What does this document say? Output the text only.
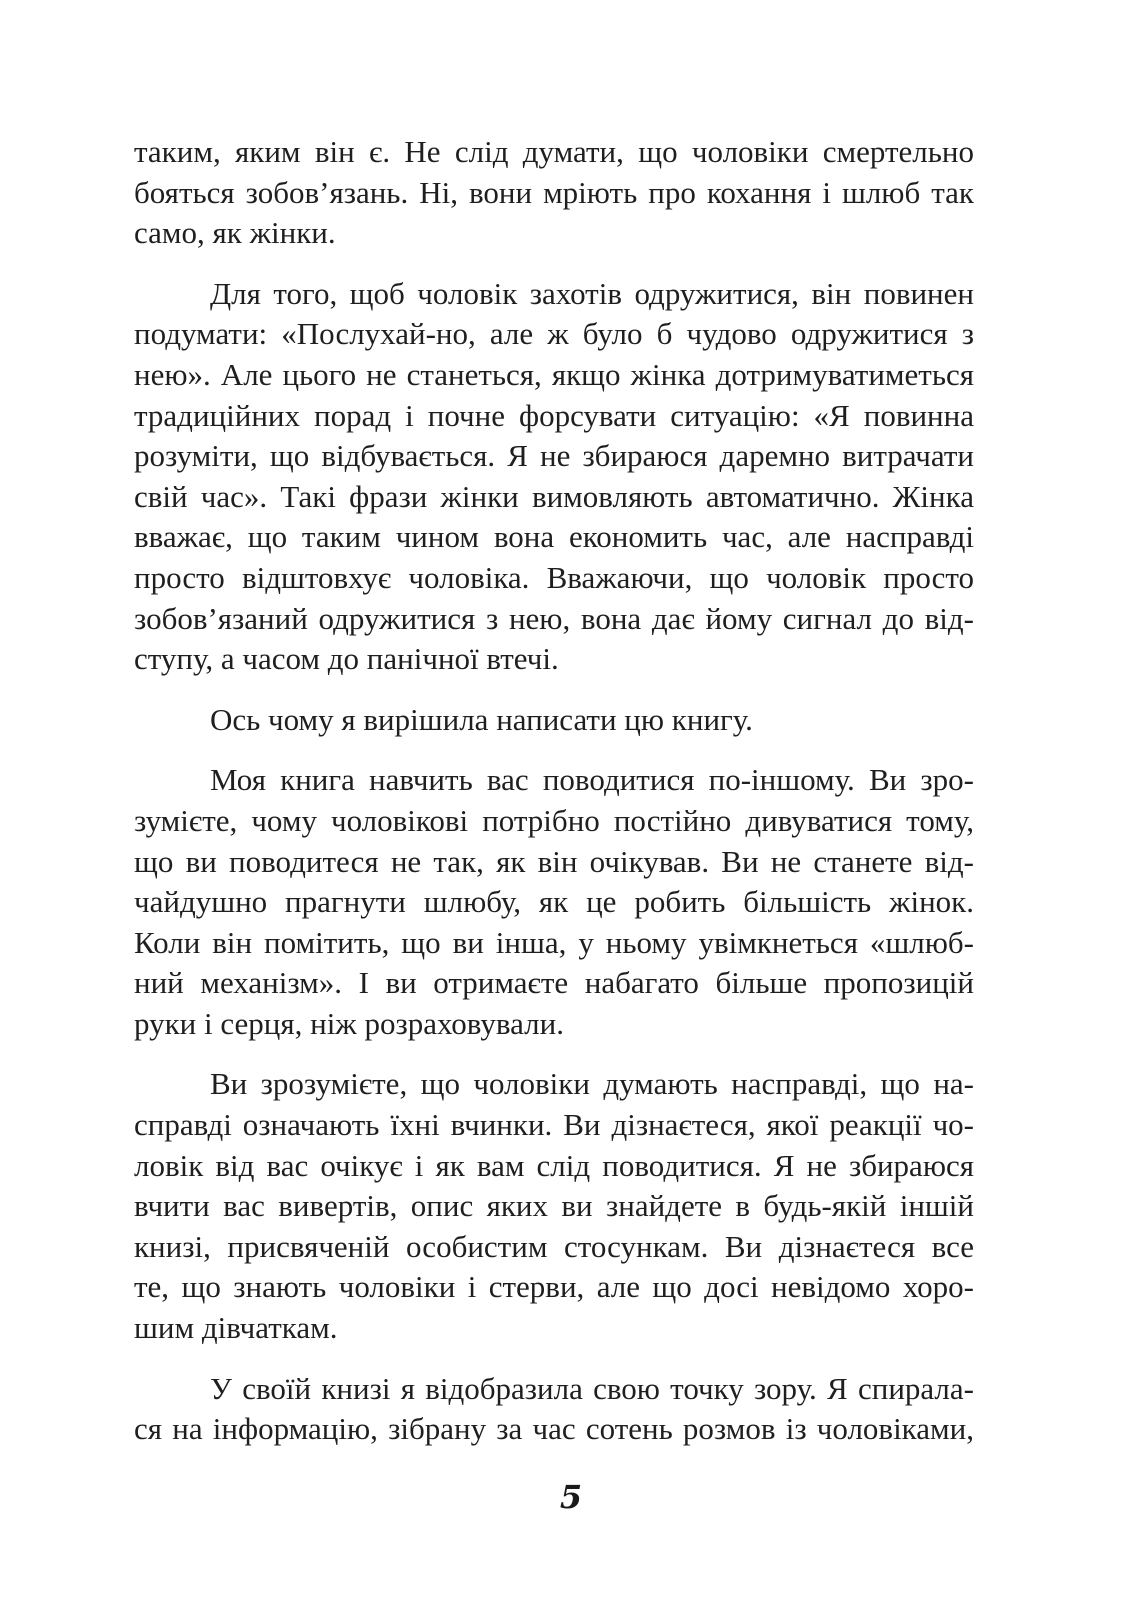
таким, яким він є. Не слід думати, що чоловіки смертельно
бояться зобов’язань. Ні, вони мріють про кохання і шлюб так
само, як жінки.

Для того, щоб чоловік захотів одружитися, він повинен
подумати: «Послухай-но, але ж було б чудово одружитися з
нею». Але цього не станеться, якщо жінка дотримуватиметься
традиційних порад і почне форсувати ситуацію: «Я повинна
розуміти, що відбувається. Я не збираюся даремно витрачати
свій час». Такі фрази жінки вимовляють автоматично. Жінка
вважає, що таким чином вона економить час, але насправді
просто відштовхує чоловіка. Вважаючи, що чоловік просто
зобов’язаний одружитися з нею, вона дає йому сигнал до від-
ступу, а часом до панічної втечі.

Ось чому я вирішила написати цю книгу.

Моя книга навчить вас поводитися по-іншому. Ви зро-
зумієте, чому чоловікові потрібно постійно дивуватися тому,
що ви поводитеся не так, як він очікував. Ви не станете від-
чайдушно прагнути шлюбу, як це робить більшість жінок.
Коли він помітить, що ви інша, у ньому увімкнеться «шлюб-
ний механізм». І ви отримаєте набагато більше пропозицій
руки і серця, ніж розраховували.

Ви зрозумієте, що чоловіки думають насправді, що на-
справді означають їхні вчинки. Ви дізнаєтеся, якої реакції чо-
ловік від вас очікує і як вам слід поводитися. Я не збираюся
вчити вас вивертів, опис яких ви знайдете в будь-якій іншій
книзі, присвяченій особистим стосункам. Ви дізнаєтеся все
те, що знають чоловіки і стерви, але що досі невідомо хоро-
шим дівчаткам.

У своїй книзі я відобразила свою точку зору. Я спирала-
ся на інформацію, зібрану за час сотень розмов із чоловіками,

5
